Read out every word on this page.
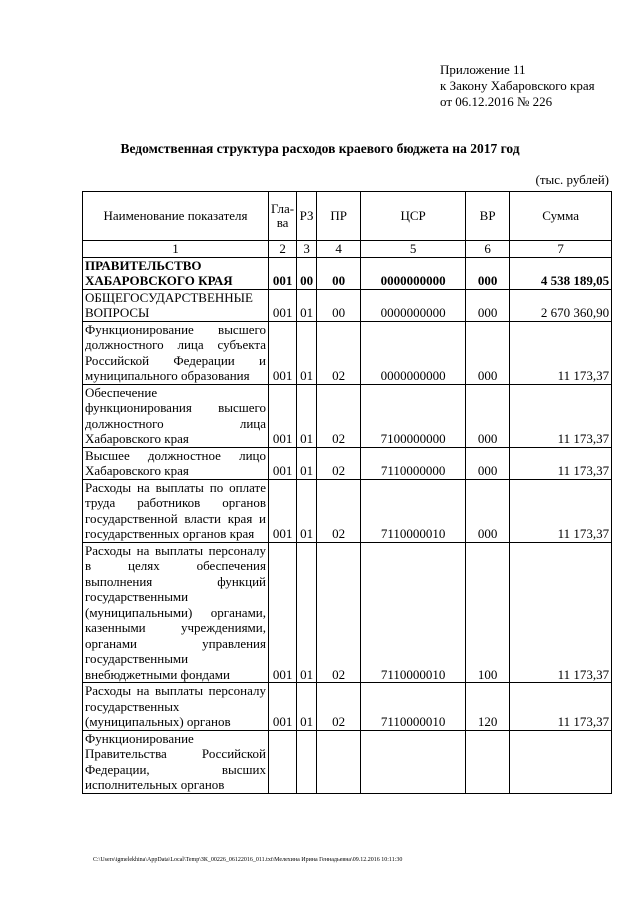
Приложение 11
к Закону Хабаровского края
от 06.12.2016 № 226
Ведомственная структура расходов краевого бюджета на 2017 год
(тыс. рублей)
Наименование показателя	Гла-ва	РЗ	ПР	ЦСР	ВР	Сумма
1	2	3	4	5	6	7
ПРАВИТЕЛЬСТВО ХАБАРОВСКОГО КРАЯ	001	00	00	0000000000	000	4 538 189,05
ОБЩЕГОСУДАРСТВЕННЫЕ ВОПРОСЫ	001	01	00	0000000000	000	2 670 360,90
Функционирование высшего должностного лица субъекта Российской Федерации и муниципального образования	001	01	02	0000000000	000	11 173,37
Обеспечение функционирования высшего должностного лица Хабаровского края	001	01	02	7100000000	000	11 173,37
Высшее должностное лицо Хабаровского края	001	01	02	7110000000	000	11 173,37
Расходы на выплаты по оплате труда работников органов государственной власти края и государственных органов края	001	01	02	7110000010	000	11 173,37
Расходы на выплаты персоналу в целях обеспечения выполнения функций государственными (муниципальными) органами, казенными учреждениями, органами управления государственными внебюджетными фондами	001	01	02	7110000010	100	11 173,37
Расходы на выплаты персоналу государственных (муниципальных) органов	001	01	02	7110000010	120	11 173,37
Функционирование Правительства Российской Федерации, высших исполнительных органов						
C:\Users\igmelekhina\AppData\Local\Temp\ЗК_00226_06122016_011.txt\Мелехина Ирина Геннадьевна\09.12.2016 10:11:30
